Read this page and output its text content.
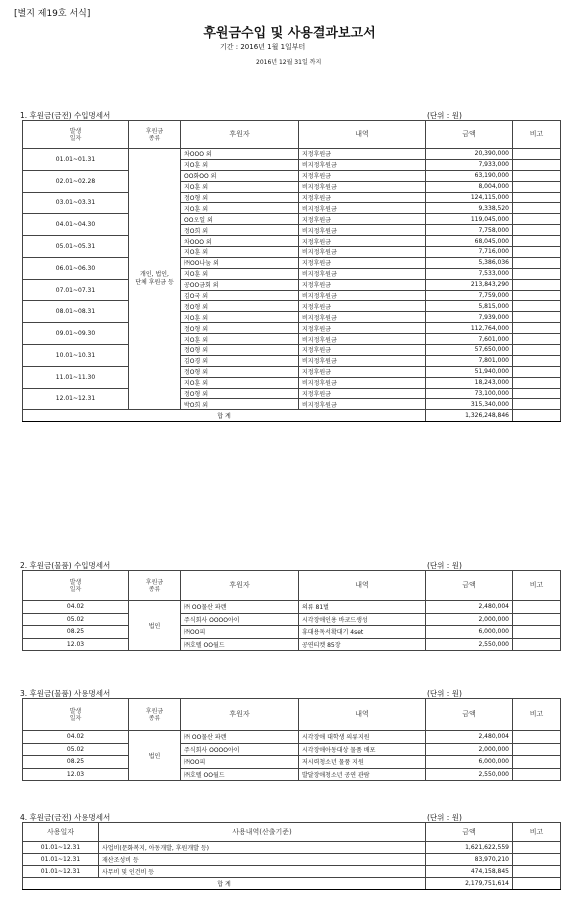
[별지 제19호 서식]
후원금수입 및 사용결과보고서
기간 : 2016년 1월 1일부터
2016년 12월 31일 까지
1. 후원금(금전) 수입명세서	(단위 : 원)
발생
일자	후원금
종류	후원자	내역	금액	비고
01.01~01.31	개인, 법인,
단체 후원금 등	차OOO 외	지정후원금	20,390,000	
		지O훈 외	비지정후원금	7,933,000	
02.01~02.28		OO화OO 외	지정후원금	63,190,000	
		지O훈 외	비지정후원금	8,004,000	
03.01~03.31		정O형 외	지정후원금	124,115,000	
		지O훈 외	비지정후원금	9,338,520	
04.01~04.30		OO오일 외	지정후원금	119,045,000	
		정O희 외	비지정후원금	7,758,000	
05.01~05.31		차OOO 외	지정후원금	68,045,000	
		지O훈 외	비지정후원금	7,716,000	
06.01~06.30		㈜OO나눔 외	지정후원금	5,386,036	
		지O훈 외	비지정후원금	7,533,000	
07.01~07.31		공OO금회 외	지정후원금	213,843,290	
		김O국 외	비지정후원금	7,759,000	
08.01~08.31		정O형 외	지정후원금	5,815,000	
		지O훈 외	비지정후원금	7,939,000	
09.01~09.30		정O형 외	지정후원금	112,764,000	
		지O훈 외	비지정후원금	7,601,000	
10.01~10.31		정O형 외	지정후원금	57,650,000	
		김O경 외	비지정후원금	7,801,000	
11.01~11.30		정O형 외	지정후원금	51,940,000	
		지O훈 외	비지정후원금	18,243,000	
12.01~12.31		정O형 외	지정후원금	73,100,000	
		박O희 외	비지정후원금	315,340,000	
합 계				1,326,248,846	
2. 후원금(물품) 수입명세서	(단위 : 원)
발생
일자	후원금
종류	후원자	내역	금액	비고
04.02	법인	㈜ OO물산 파랜	의류 81벌	2,480,004	
05.02		주식회사 OOOO아이	시각장애인용 바코드생성	2,000,000	
08.25		㈜OO피	휴대용독서확대기 4set	6,000,000	
12.03		㈜호텔 OO월드	공연티켓 85장	2,550,000	
3. 후원금(물품) 사용명세서	(단위 : 원)
발생
일자	후원금
종류	후원자	내역	금액	비고
04.02	법인	㈜ OO물산 파랜	시각장애 대학생 의류지원	2,480,004	
05.02		주식회사 OOOO아이	시각장애아동대상 물품 배포	2,000,000	
08.25		㈜OO피	저시력청소년 물품 지원	6,000,000	
12.03		㈜호텔 OO월드	발달장애청소년 공연 관람	2,550,000	
4. 후원금(금전) 사용명세서	(단위 : 원)
사용일자	사용내역(산출기준)	금액	비고
01.01~12.31	사업비(문화복지, 아동개발, 후원개발 등)	1,621,622,559	
01.01~12.31	재산조성비 등	83,970,210	
01.01~12.31	사무비 및 인건비 등	474,158,845	
합 계		2,179,751,614	
